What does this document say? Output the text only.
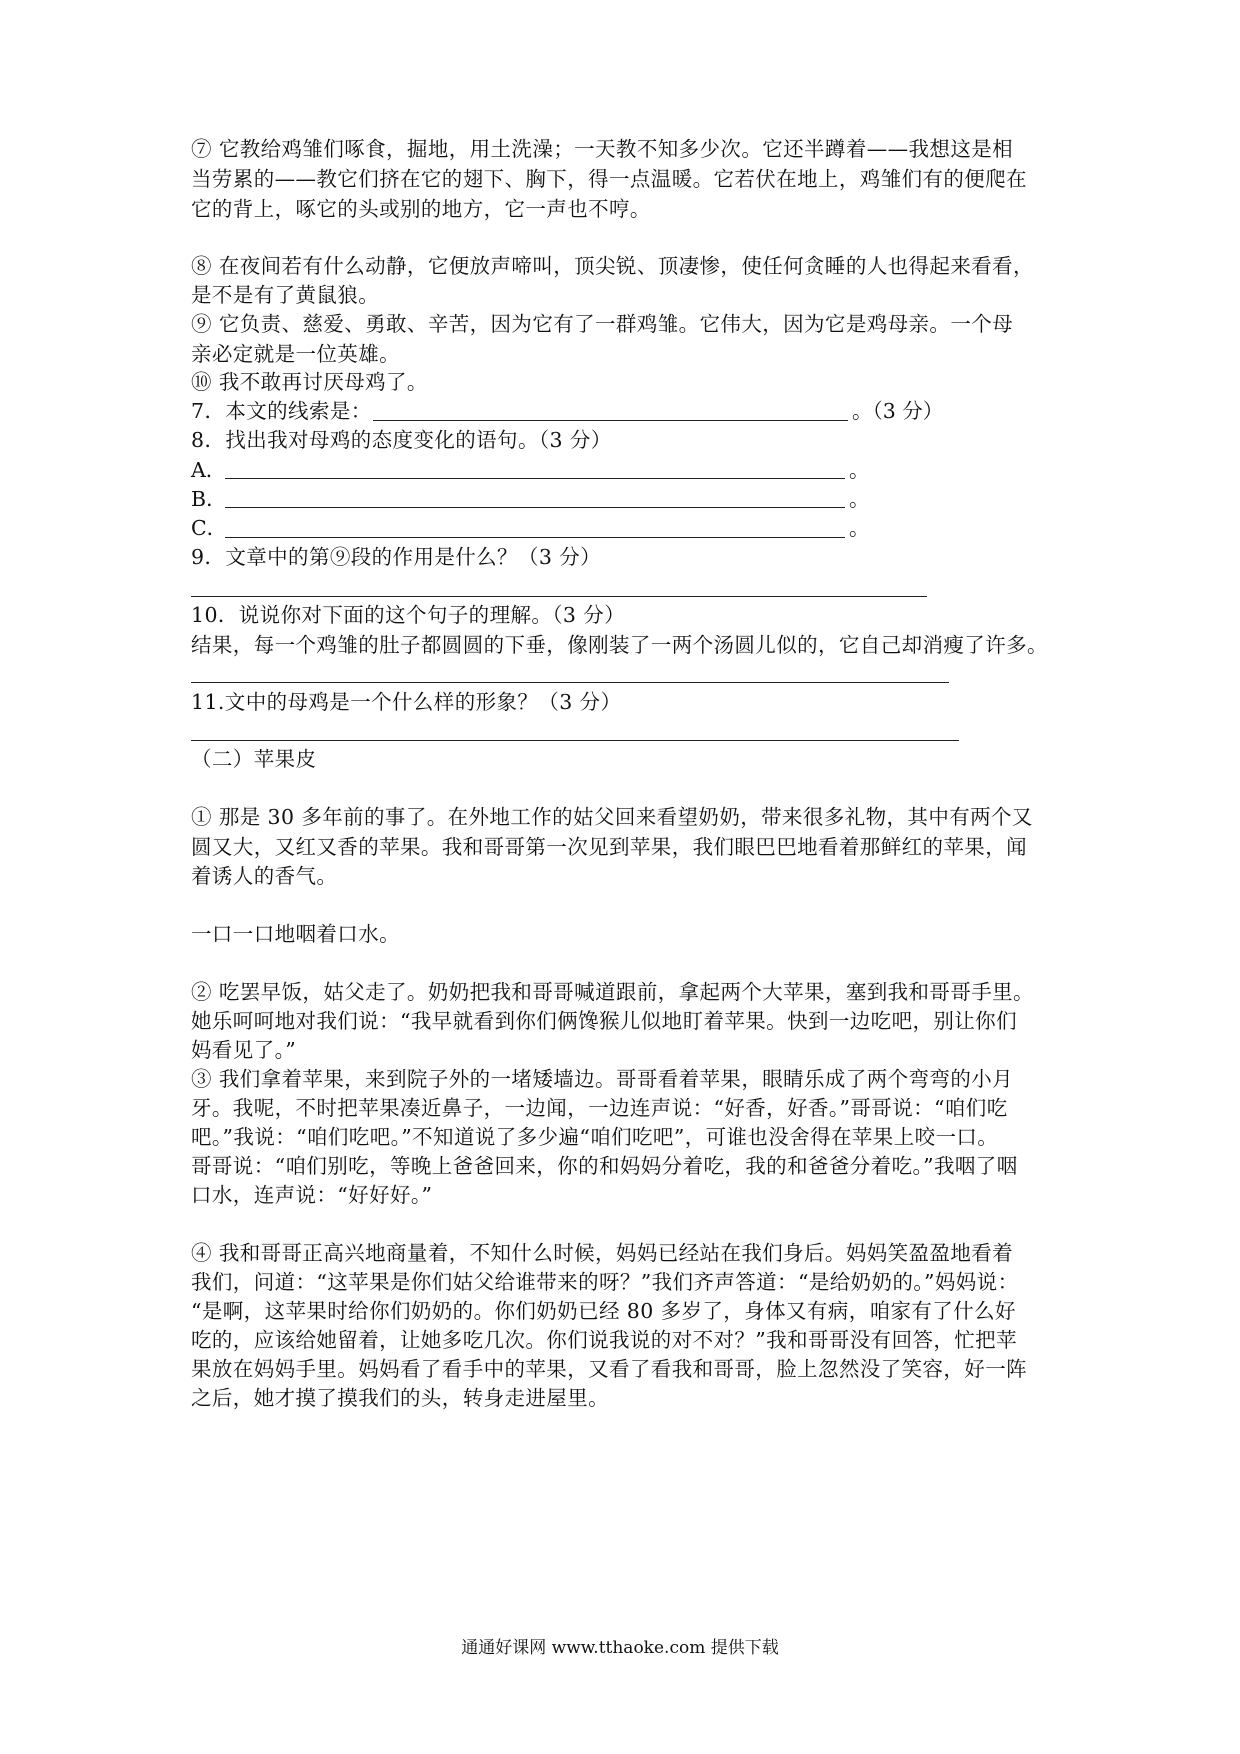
⑦ 它教给鸡雏们啄食，掘地，用土洗澡；一天教不知多少次。它还半蹲着——我想这是相

当劳累的——教它们挤在它的翅下、胸下，得一点温暖。它若伏在地上，鸡雏们有的便爬在

它的背上，啄它的头或别的地方，它一声也不哼。

⑧ 在夜间若有什么动静，它便放声啼叫，顶尖锐、顶凄惨，使任何贪睡的人也得起来看看，

是不是有了黄鼠狼。

⑨ 它负责、慈爱、勇敢、辛苦，因为它有了一群鸡雏。它伟大，因为它是鸡母亲。一个母

亲必定就是一位英雄。

⑩ 我不敢再讨厌母鸡了。

7．本文的线索是：	。（3 分）

8．找出我对母鸡的态度变化的语句。（3 分）

A．	。
B．	。
C．	。

9．文章中的第⑨段的作用是什么？（3 分）

10．说说你对下面的这个句子的理解。（3 分）

结果，每一个鸡雏的肚子都圆圆的下垂，像刚装了一两个汤圆儿似的，它自己却消瘦了许多。

11.文中的母鸡是一个什么样的形象？（3 分）

（二）苹果皮

① 那是 30 多年前的事了。在外地工作的姑父回来看望奶奶，带来很多礼物，其中有两个又

圆又大，又红又香的苹果。我和哥哥第一次见到苹果，我们眼巴巴地看着那鲜红的苹果，闻

着诱人的香气。

一口一口地咽着口水。

② 吃罢早饭，姑父走了。奶奶把我和哥哥喊道跟前，拿起两个大苹果，塞到我和哥哥手里。

她乐呵呵地对我们说：“我早就看到你们俩馋猴儿似地盯着苹果。快到一边吃吧，别让你们

妈看见了。”

③ 我们拿着苹果，来到院子外的一堵矮墙边。哥哥看着苹果，眼睛乐成了两个弯弯的小月

牙。我呢，不时把苹果凑近鼻子，一边闻，一边连声说：“好香，好香。”哥哥说：“咱们吃

吧。”我说：“咱们吃吧。”不知道说了多少遍“咱们吃吧”，可谁也没舍得在苹果上咬一口。

哥哥说：“咱们别吃，等晚上爸爸回来，你的和妈妈分着吃，我的和爸爸分着吃。”我咽了咽

口水，连声说：“好好好。”

④ 我和哥哥正高兴地商量着，不知什么时候，妈妈已经站在我们身后。妈妈笑盈盈地看着

我们，问道：“这苹果是你们姑父给谁带来的呀？”我们齐声答道：“是给奶奶的。”妈妈说：

“是啊，这苹果时给你们奶奶的。你们奶奶已经 80 多岁了，身体又有病，咱家有了什么好

吃的，应该给她留着，让她多吃几次。你们说我说的对不对？”我和哥哥没有回答，忙把苹

果放在妈妈手里。妈妈看了看手中的苹果，又看了看我和哥哥，脸上忽然没了笑容，好一阵

之后，她才摸了摸我们的头，转身走进屋里。

通通好课网 www.tthaoke.com 提供下载
